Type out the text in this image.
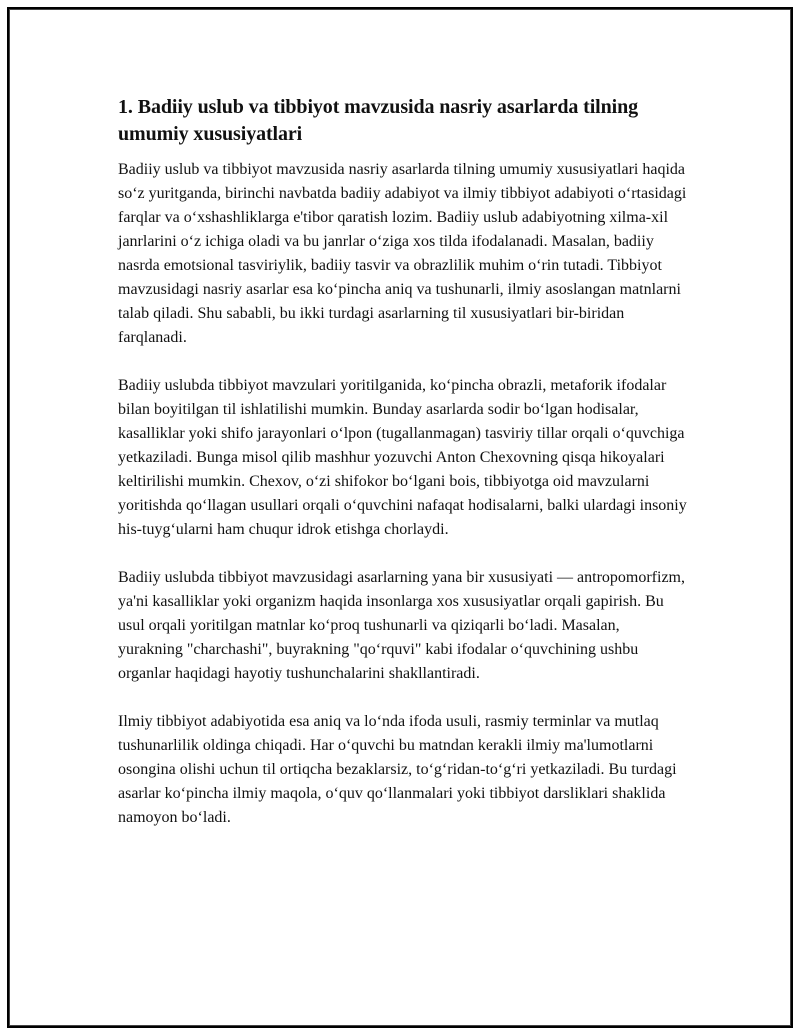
1. Badiiy uslub va tibbiyot mavzusida nasriy asarlarda tilning umumiy xususiyatlari

Badiiy uslub va tibbiyot mavzusida nasriy asarlarda tilning umumiy xususiyatlari haqida so‘z yuritganda, birinchi navbatda badiiy adabiyot va ilmiy tibbiyot adabiyoti o‘rtasidagi farqlar va o‘xshashliklarga e'tibor qaratish lozim. Badiiy uslub adabiyotning xilma-xil janrlarini o‘z ichiga oladi va bu janrlar o‘ziga xos tilda ifodalanadi. Masalan, badiiy nasrda emotsional tasviriylik, badiiy tasvir va obrazlilik muhim o‘rin tutadi. Tibbiyot mavzusidagi nasriy asarlar esa ko‘pincha aniq va tushunarli, ilmiy asoslangan matnlarni talab qiladi. Shu sababli, bu ikki turdagi asarlarning til xususiyatlari bir-biridan farqlanadi.

Badiiy uslubda tibbiyot mavzulari yoritilganida, ko‘pincha obrazli, metaforik ifodalar bilan boyitilgan til ishlatilishi mumkin. Bunday asarlarda sodir bo‘lgan hodisalar, kasalliklar yoki shifo jarayonlari o‘lpon (tugallanmagan) tasviriy tillar orqali o‘quvchiga yetkaziladi. Bunga misol qilib mashhur yozuvchi Anton Chexovning qisqa hikoyalari keltirilishi mumkin. Chexov, o‘zi shifokor bo‘lgani bois, tibbiyotga oid mavzularni yoritishda qo‘llagan usullari orqali o‘quvchini nafaqat hodisalarni, balki ulardagi insoniy his-tuyg‘ularni ham chuqur idrok etishga chorlaydi.

Badiiy uslubda tibbiyot mavzusidagi asarlarning yana bir xususiyati — antropomorfizm, ya'ni kasalliklar yoki organizm haqida insonlarga xos xususiyatlar orqali gapirish. Bu usul orqali yoritilgan matnlar ko‘proq tushunarli va qiziqarli bo‘ladi. Masalan, yurakning "charchashi", buyrakning "qo‘rquvi" kabi ifodalar o‘quvchining ushbu organlar haqidagi hayotiy tushunchalarini shakllantiradi.

Ilmiy tibbiyot adabiyotida esa aniq va lo‘nda ifoda usuli, rasmiy terminlar va mutlaq tushunarlilik oldinga chiqadi. Har o‘quvchi bu matndan kerakli ilmiy ma'lumotlarni osongina olishi uchun til ortiqcha bezaklarsiz, to‘g‘ridan-to‘g‘ri yetkaziladi. Bu turdagi asarlar ko‘pincha ilmiy maqola, o‘quv qo‘llanmalari yoki tibbiyot darsliklari shaklida namoyon bo‘ladi.
